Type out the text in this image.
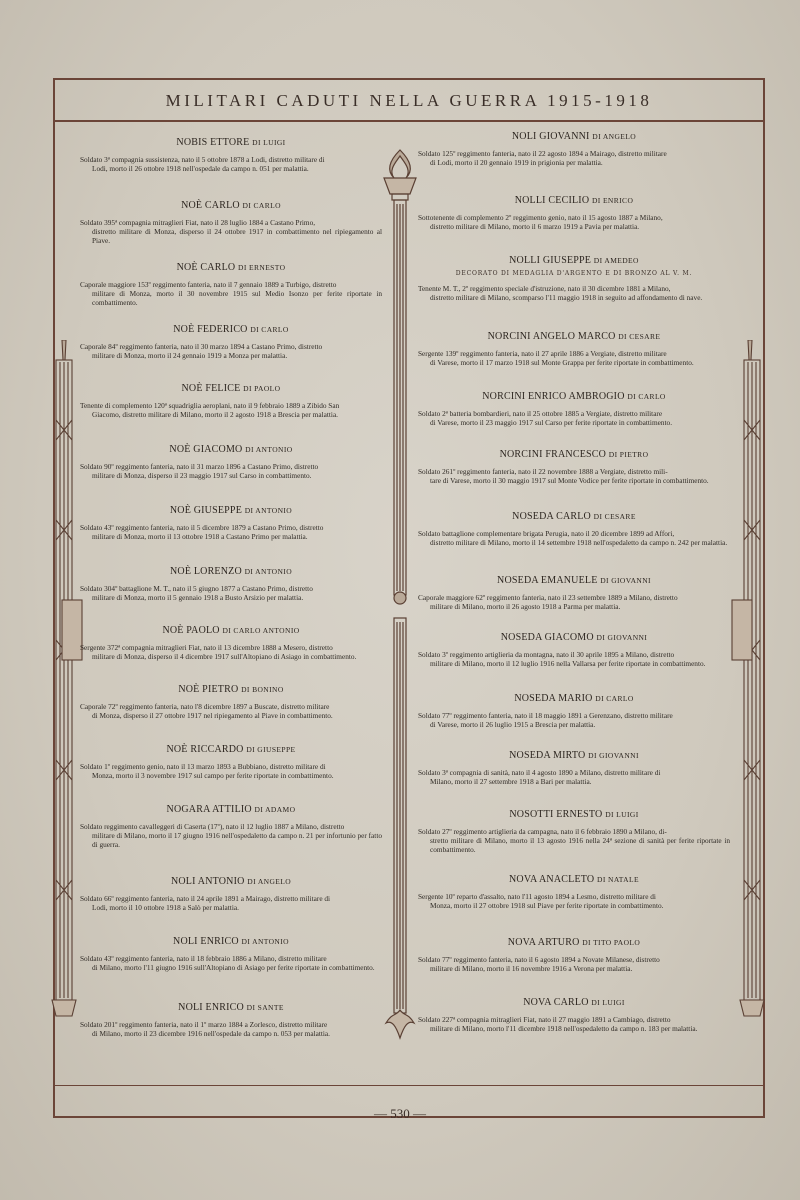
MILITARI CADUTI NELLA GUERRA 1915-1918
NOBIS ETTORE DI LUIGI
Soldato 3ª compagnia sussistenza, nato il 5 ottobre 1878 a Lodi, distretto militare di
Lodi, morto il 26 ottobre 1918 nell'ospedale da campo n. 051 per malattia.
NOÈ CARLO DI CARLO
Soldato 395ª compagnia mitraglieri Fiat, nato il 28 luglio 1884 a Castano Primo,
distretto militare di Monza, disperso il 24 ottobre 1917 in combattimento nel ripiegamento al Piave.
NOÈ CARLO DI ERNESTO
Caporale maggiore 153º reggimento fanteria, nato il 7 gennaio 1889 a Turbigo, distretto
militare di Monza, morto il 30 novembre 1915 sul Medio Isonzo per ferite riportate in combattimento.
NOÈ FEDERICO DI CARLO
Caporale 84º reggimento fanteria, nato il 30 marzo 1894 a Castano Primo, distretto
militare di Monza, morto il 24 gennaio 1919 a Monza per malattia.
NOÈ FELICE DI PAOLO
Tenente di complemento 120ª squadriglia aeroplani, nato il 9 febbraio 1889 a Zibido San
Giacomo, distretto militare di Milano, morto il 2 agosto 1918 a Brescia per malattia.
NOÈ GIACOMO DI ANTONIO
Soldato 90º reggimento fanteria, nato il 31 marzo 1896 a Castano Primo, distretto
militare di Monza, disperso il 23 maggio 1917 sul Carso in combattimento.
NOÈ GIUSEPPE DI ANTONIO
Soldato 43º reggimento fanteria, nato il 5 dicembre 1879 a Castano Primo, distretto
militare di Monza, morto il 13 ottobre 1918 a Castano Primo per malattia.
NOÈ LORENZO DI ANTONIO
Soldato 304º battaglione M. T., nato il 5 giugno 1877 a Castano Primo, distretto
militare di Monza, morto il 5 gennaio 1918 a Busto Arsizio per malattia.
NOÈ PAOLO DI CARLO ANTONIO
Sergente 372ª compagnia mitraglieri Fiat, nato il 13 dicembre 1888 a Mesero, distretto
militare di Monza, disperso il 4 dicembre 1917 sull'Altopiano di Asiago in combattimento.
NOÈ PIETRO DI BONINO
Caporale 72º reggimento fanteria, nato l'8 dicembre 1897 a Buscate, distretto militare
di Monza, disperso il 27 ottobre 1917 nel ripiegamento al Piave in combattimento.
NOÈ RICCARDO DI GIUSEPPE
Soldato 1º reggimento genio, nato il 13 marzo 1893 a Bubbiano, distretto militare di
Monza, morto il 3 novembre 1917 sul campo per ferite riportate in combattimento.
NOGARA ATTILIO DI ADAMO
Soldato reggimento cavalleggeri di Caserta (17º), nato il 12 luglio 1887 a Milano, distretto
militare di Milano, morto il 17 giugno 1916 nell'ospedaletto da campo n. 21 per infortunio per fatto di guerra.
NOLI ANTONIO DI ANGELO
Soldato 66º reggimento fanteria, nato il 24 aprile 1891 a Mairago, distretto militare di
Lodi, morto il 10 ottobre 1918 a Salò per malattia.
NOLI ENRICO DI ANTONIO
Soldato 43º reggimento fanteria, nato il 18 febbraio 1886 a Milano, distretto militare
di Milano, morto l'11 giugno 1916 sull'Altopiano di Asiago per ferite riportate in combattimento.
NOLI ENRICO DI SANTE
Soldato 201º reggimento fanteria, nato il 1º marzo 1884 a Zorlesco, distretto militare
di Milano, morto il 23 dicembre 1916 nell'ospedale da campo n. 053 per malattia.
NOLI GIOVANNI DI ANGELO
Soldato 125º reggimento fanteria, nato il 22 agosto 1894 a Mairago, distretto militare
di Lodi, morto il 20 gennaio 1919 in prigionia per malattia.
NOLLI CECILIO DI ENRICO
Sottotenente di complemento 2º reggimento genio, nato il 15 agosto 1887 a Milano,
distretto militare di Milano, morto il 6 marzo 1919 a Pavia per malattia.
NOLLI GIUSEPPE DI AMEDEO
DECORATO DI MEDAGLIA D'ARGENTO E DI BRONZO AL V. M.
Tenente M. T., 2º reggimento speciale d'istruzione, nato il 30 dicembre 1881 a Milano,
distretto militare di Milano, scomparso l'11 maggio 1918 in seguito ad affondamento di nave.
NORCINI ANGELO MARCO DI CESARE
Sergente 139º reggimento fanteria, nato il 27 aprile 1886 a Vergiate, distretto militare
di Varese, morto il 17 marzo 1918 sul Monte Grappa per ferite riportate in combattimento.
NORCINI ENRICO AMBROGIO DI CARLO
Soldato 2ª batteria bombardieri, nato il 25 ottobre 1885 a Vergiate, distretto militare
di Varese, morto il 23 maggio 1917 sul Carso per ferite riportate in combattimento.
NORCINI FRANCESCO DI PIETRO
Soldato 261º reggimento fanteria, nato il 22 novembre 1888 a Vergiate, distretto mili-
tare di Varese, morto il 30 maggio 1917 sul Monte Vodice per ferite riportate in combattimento.
NOSEDA CARLO DI CESARE
Soldato battaglione complementare brigata Perugia, nato il 20 dicembre 1899 ad Affori,
distretto militare di Milano, morto il 14 settembre 1918 nell'ospedaletto da campo n. 242 per malattia.
NOSEDA EMANUELE DI GIOVANNI
Caporale maggiore 62º reggimento fanteria, nato il 23 settembre 1889 a Milano, distretto
militare di Milano, morto il 26 agosto 1918 a Parma per malattia.
NOSEDA GIACOMO DI GIOVANNI
Soldato 3º reggimento artiglieria da montagna, nato il 30 aprile 1895 a Milano, distretto
militare di Milano, morto il 12 luglio 1916 nella Vallarsa per ferite riportate in combattimento.
NOSEDA MARIO DI CARLO
Soldato 77º reggimento fanteria, nato il 18 maggio 1891 a Gerenzano, distretto militare
di Varese, morto il 26 luglio 1915 a Brescia per malattia.
NOSEDA MIRTO DI GIOVANNI
Soldato 3ª compagnia di sanità, nato il 4 agosto 1890 a Milano, distretto militare di
Milano, morto il 27 settembre 1918 a Bari per malattia.
NOSOTTI ERNESTO DI LUIGI
Soldato 27º reggimento artiglieria da campagna, nato il 6 febbraio 1890 a Milano, di-
stretto militare di Milano, morto il 13 agosto 1916 nella 24ª sezione di sanità per ferite riportate in combattimento.
NOVA ANACLETO DI NATALE
Sergente 10º reparto d'assalto, nato l'11 agosto 1894 a Lesmo, distretto militare di
Monza, morto il 27 ottobre 1918 sul Piave per ferite riportate in combattimento.
NOVA ARTURO DI TITO PAOLO
Soldato 77º reggimento fanteria, nato il 6 agosto 1894 a Novate Milanese, distretto
militare di Milano, morto il 16 novembre 1916 a Verona per malattia.
NOVA CARLO DI LUIGI
Soldato 227ª compagnia mitraglieri Fiat, nato il 27 maggio 1891 a Cambiago, distretto
militare di Milano, morto l'11 dicembre 1918 nell'ospedaletto da campo n. 183 per malattia.
— 530 —
